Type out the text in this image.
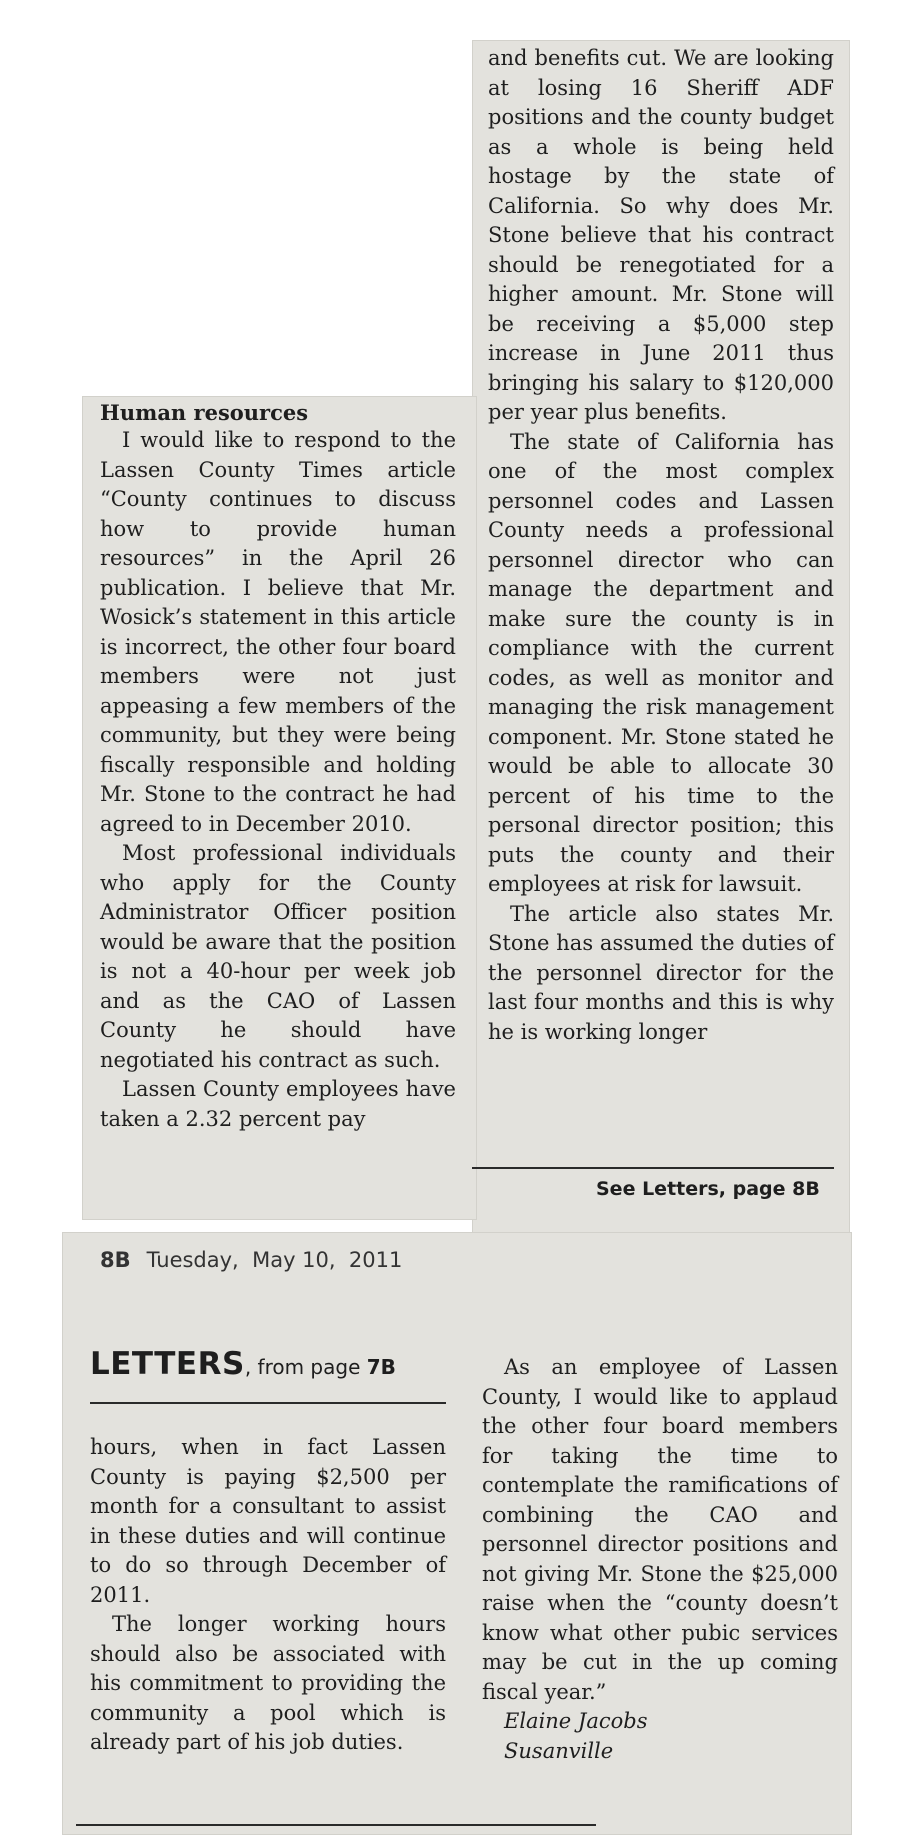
Human resources

I would like to respond to the Lassen County Times article “County continues to discuss how to provide human resources” in the April 26 publication. I believe that Mr. Wosick’s statement in this article is incorrect, the other four board members were not just appeasing a few members of the community, but they were being fiscally responsible and holding Mr. Stone to the contract he had agreed to in December 2010.

Most professional individuals who apply for the County Administrator Officer position would be aware that the position is not a 40-hour per week job and as the CAO of Lassen County he should have negotiated his contract as such.

Lassen County employees have taken a 2.32 percent pay

and benefits cut. We are looking at losing 16 Sheriff ADF positions and the county budget as a whole is being held hostage by the state of California. So why does Mr. Stone believe that his contract should be renegotiated for a higher amount. Mr. Stone will be receiving a $5,000 step increase in June 2011 thus bringing his salary to $120,000 per year plus benefits.

The state of California has one of the most complex personnel codes and Lassen County needs a professional personnel director who can manage the department and make sure the county is in compliance with the current codes, as well as monitor and managing the risk management component. Mr. Stone stated he would be able to allocate 30 percent of his time to the personal director position; this puts the county and their employees at risk for lawsuit.

The article also states Mr. Stone has assumed the duties of the personnel director for the last four months and this is why he is working longer

See Letters, page 8B
8B Tuesday,  May 10,  2011
LETTERS, from page 7B

hours, when in fact Lassen County is paying $2,500 per month for a consultant to assist in these duties and will continue to do so through December of 2011.

The longer working hours should also be associated with his commitment to providing the community a pool which is already part of his job duties.

As an employee of Lassen County, I would like to applaud the other four board members for taking the time to contemplate the ramifications of combining the CAO and personnel director positions and not giving Mr. Stone the $25,000 raise when the “county doesn’t know what other pubic services may be cut in the up coming fiscal year.”

Elaine Jacobs

Susanville
